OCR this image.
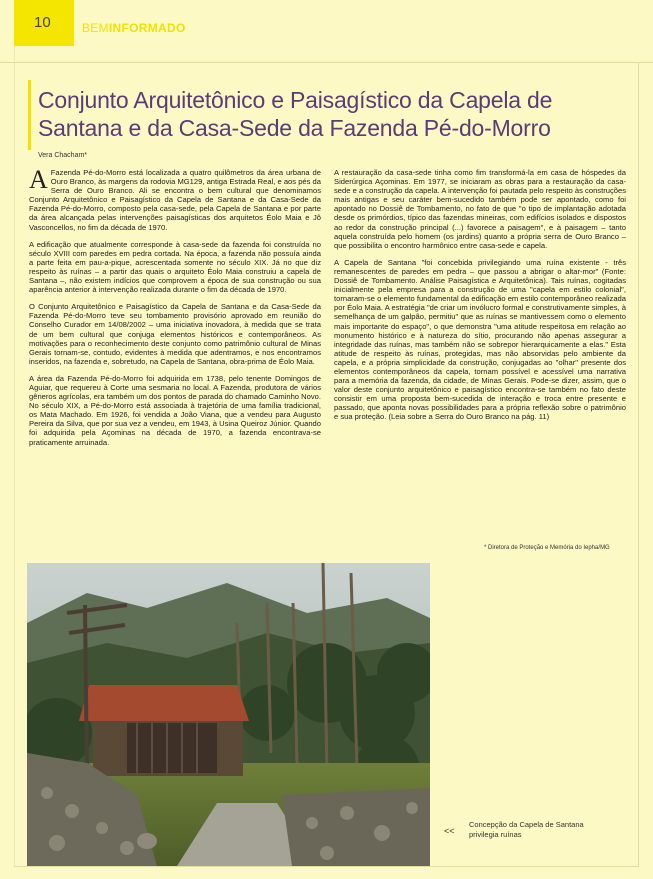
10	BEMINFORMADO
Conjunto Arquitetônico e Paisagístico da Capela de Santana e da Casa-Sede da Fazenda Pé-do-Morro
Vera Chacham*

A Fazenda Pé-do-Morro está localizada a quatro quilômetros da área urbana de Ouro Branco, às margens da rodovia MG129, antiga Estrada Real, e aos pés da Serra de Ouro Branco. Ali se encontra o bem cultural que denominamos Conjunto Arquitetônico e Paisagístico da Capela de Santana e da Casa-Sede da Fazenda Pé-do-Morro, composto pela casa-sede, pela Capela de Santana e por parte da área alcançada pelas intervenções paisagísticas dos arquitetos Éolo Maia e Jô Vasconcellos, no fim da década de 1970.

A edificação que atualmente corresponde à casa-sede da fazenda foi construída no século XVIII com paredes em pedra cortada. Na época, a fazenda não possuía ainda a parte feita em pau-a-pique, acrescentada somente no século XIX. Já no que diz respeito às ruínas – a partir das quais o arquiteto Éolo Maia construiu a capela de Santana –, não existem indícios que comprovem a época de sua construção ou sua aparência anterior à intervenção realizada durante o fim da década de 1970.

O Conjunto Arquitetônico e Paisagístico da Capela de Santana e da Casa-Sede da Fazenda Pé-do-Morro teve seu tombamento provisório aprovado em reunião do Conselho Curador em 14/08/2002 – uma iniciativa inovadora, à medida que se trata de um bem cultural que conjuga elementos históricos e contemporâneos. As motivações para o reconhecimento deste conjunto como patrimônio cultural de Minas Gerais tornam-se, contudo, evidentes à medida que adentramos, e nos encontramos inseridos, na fazenda e, sobretudo, na Capela de Santana, obra-prima de Éolo Maia.

A área da Fazenda Pé-do-Morro foi adquirida em 1738, pelo tenente Domingos de Aguiar, que requereu à Corte uma sesmaria no local. A Fazenda, produtora de vários gêneros agrícolas, era também um dos pontos de parada do chamado Caminho Novo. No século XIX, a Pé-do-Morro está associada à trajetória de uma família tradicional, os Mata Machado. Em 1926, foi vendida a João Viana, que a vendeu para Augusto Pereira da Silva, que por sua vez a vendeu, em 1943, à Usina Queiroz Júnior. Quando foi adquirida pela Açominas na década de 1970, a fazenda encontrava-se praticamente arruinada.

A restauração da casa-sede tinha como fim transformá-la em casa de hóspedes da Siderúrgica Açominas. Em 1977, se iniciaram as obras para a restauração da casa-sede e a construção da capela. A intervenção foi pautada pelo respeito às construções mais antigas e seu caráter bem-sucedido também pode ser apontado, como foi apontado no Dossiê de Tombamento, no fato de que "o tipo de implantação adotada desde os primórdios, típico das fazendas mineiras, com edifícios isolados e dispostos ao redor da construção principal (...) favorece a paisagem", e à paisagem – tanto aquela construída pelo homem (os jardins) quanto a própria serra de Ouro Branco – que possibilita o encontro harmônico entre casa-sede e capela.

A Capela de Santana "foi concebida privilegiando uma ruína existente - três remanescentes de paredes em pedra – que passou a abrigar o altar-mor" (Fonte: Dossiê de Tombamento. Análise Paisagística e Arquitetônica). Tais ruínas, cogitadas inicialmente pela empresa para a construção de uma "capela em estilo colonial", tornaram-se o elemento fundamental da edificação em estilo contemporâneo realizada por Éolo Maia. A estratégia "de criar um invólucro formal e construtivamente simples, à semelhança de um galpão, permitiu" que as ruínas se mantivessem como o elemento mais importante do espaço", o que demonstra "uma atitude respeitosa em relação ao monumento histórico e à natureza do sítio, procurando não apenas assegurar a integridade das ruínas, mas também não se sobrepor hierarquicamente a elas." Esta atitude de respeito às ruínas, protegidas, mas não absorvidas pelo ambiente da capela, e a própria simplicidade da construção, conjugadas ao "olhar" presente dos elementos contemporâneos da capela, tornam possível e acessível uma narrativa para a memória da fazenda, da cidade, de Minas Gerais. Pode-se dizer, assim, que o valor deste conjunto arquitetônico e paisagístico encontra-se também no fato deste consistir em uma proposta bem-sucedida de interação e troca entre presente e passado, que aponta novas possibilidades para a própria reflexão sobre o patrimônio e sua proteção. (Leia sobre a Serra do Ouro Branco na pág. 11)

* Diretora de Proteção e Memória do Iepha/MG
<<
Concepção da Capela de Santana privilegia ruínas
